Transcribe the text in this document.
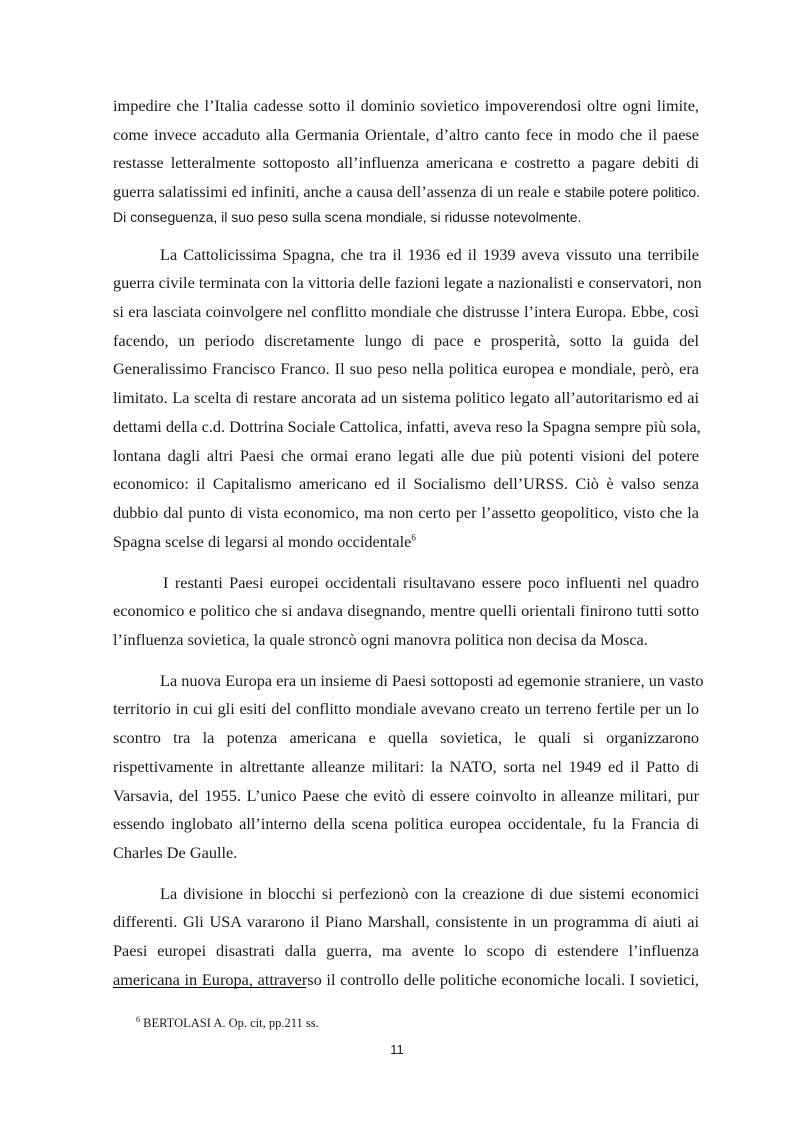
impedire che l’Italia cadesse sotto il dominio sovietico impoverendosi oltre ogni limite,
come invece accaduto alla Germania Orientale, d’altro canto fece in modo che il paese
restasse letteralmente sottoposto all’influenza americana e costretto a pagare debiti di
guerra salatissimi ed infiniti, anche a causa dell’assenza di un reale e stabile potere politico.
Di conseguenza, il suo peso sulla scena mondiale, si ridusse notevolmente.
La Cattolicissima Spagna, che tra il 1936 ed il 1939 aveva vissuto una terribile
guerra civile terminata con la vittoria delle fazioni legate a nazionalisti e conservatori, non
si era lasciata coinvolgere nel conflitto mondiale che distrusse l’intera Europa. Ebbe, così
facendo, un periodo discretamente lungo di pace e prosperità, sotto la guida del
Generalissimo Francisco Franco. Il suo peso nella politica europea e mondiale, però, era
limitato. La scelta di restare ancorata ad un sistema politico legato all’autoritarismo ed ai
dettami della c.d. Dottrina Sociale Cattolica, infatti, aveva reso la Spagna sempre più sola,
lontana dagli altri Paesi che ormai erano legati alle due più potenti visioni del potere
economico: il Capitalismo americano ed il Socialismo dell’URSS. Ciò è valso senza
dubbio dal punto di vista economico, ma non certo per l’assetto geopolitico, visto che la
Spagna scelse di legarsi al mondo occidentale$^6$
I restanti Paesi europei occidentali risultavano essere poco influenti nel quadro
economico e politico che si andava disegnando, mentre quelli orientali finirono tutti sotto
l’influenza sovietica, la quale stroncò ogni manovra politica non decisa da Mosca.
La nuova Europa era un insieme di Paesi sottoposti ad egemonie straniere, un vasto
territorio in cui gli esiti del conflitto mondiale avevano creato un terreno fertile per un lo
scontro tra la potenza americana e quella sovietica, le quali si organizzarono
rispettivamente in altrettante alleanze militari: la NATO, sorta nel 1949 ed il Patto di
Varsavia, del 1955. L’unico Paese che evitò di essere coinvolto in alleanze militari, pur
essendo inglobato all’interno della scena politica europea occidentale, fu la Francia di
Charles De Gaulle.
La divisione in blocchi si perfezionò con la creazione di due sistemi economici
differenti. Gli USA vararono il Piano Marshall, consistente in un programma di aiuti ai
Paesi europei disastrati dalla guerra, ma avente lo scopo di estendere l’influenza
americana in Europa, attraverso il controllo delle politiche economiche locali. I sovietici,
$^6$ BERTOLASI A. Op. cit, pp.211 ss.
11
